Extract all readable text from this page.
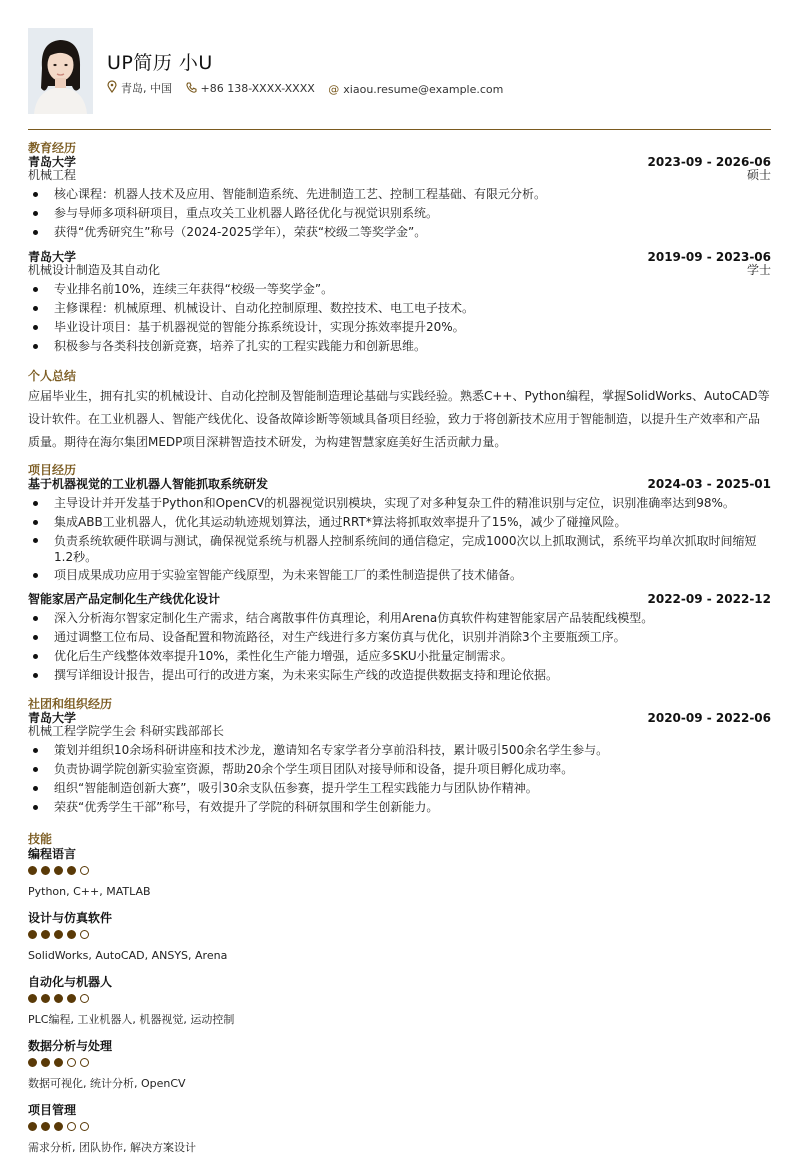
UP简历 小U
青岛, 中国
	+86 138-XXXX-XXXX
@ xiaou.resume@example.com
教育经历
青岛大学	2023-09 - 2026-06
机械工程	硕士
核心课程：机器人技术及应用、智能制造系统、先进制造工艺、控制工程基础、有限元分析。
参与导师多项科研项目，重点攻关工业机器人路径优化与视觉识别系统。
获得“优秀研究生”称号（2024-2025学年），荣获“校级二等奖学金”。
青岛大学	2019-09 - 2023-06
机械设计制造及其自动化	学士
专业排名前10%，连续三年获得“校级一等奖学金”。
主修课程：机械原理、机械设计、自动化控制原理、数控技术、电工电子技术。
毕业设计项目：基于机器视觉的智能分拣系统设计，实现分拣效率提升20%。
积极参与各类科技创新竞赛，培养了扎实的工程实践能力和创新思维。
个人总结
应届毕业生，拥有扎实的机械设计、自动化控制及智能制造理论基础与实践经验。熟悉C++、Python编程，掌握SolidWorks、AutoCAD等设计软件。在工业机器人、智能产线优化、设备故障诊断等领域具备项目经验，致力于将创新技术应用于智能制造，以提升生产效率和产品质量。期待在海尔集团MEDP项目深耕智造技术研发，为构建智慧家庭美好生活贡献力量。
项目经历
基于机器视觉的工业机器人智能抓取系统研发	2024-03 - 2025-01
主导设计并开发基于Python和OpenCV的机器视觉识别模块，实现了对多种复杂工件的精准识别与定位，识别准确率达到98%。
集成ABB工业机器人，优化其运动轨迹规划算法，通过RRT*算法将抓取效率提升了15%，减少了碰撞风险。
负责系统软硬件联调与测试，确保视觉系统与机器人控制系统间的通信稳定，完成1000次以上抓取测试，系统平均单次抓取时间缩短1.2秒。
项目成果成功应用于实验室智能产线原型，为未来智能工厂的柔性制造提供了技术储备。
智能家居产品定制化生产线优化设计	2022-09 - 2022-12
深入分析海尔智家定制化生产需求，结合离散事件仿真理论，利用Arena仿真软件构建智能家居产品装配线模型。
通过调整工位布局、设备配置和物流路径，对生产线进行多方案仿真与优化，识别并消除3个主要瓶颈工序。
优化后生产线整体效率提升10%，柔性化生产能力增强，适应多SKU小批量定制需求。
撰写详细设计报告，提出可行的改进方案，为未来实际生产线的改造提供数据支持和理论依据。
社团和组织经历
青岛大学	2020-09 - 2022-06
机械工程学院学生会 科研实践部部长
策划并组织10余场科研讲座和技术沙龙，邀请知名专家学者分享前沿科技，累计吸引500余名学生参与。
负责协调学院创新实验室资源，帮助20余个学生项目团队对接导师和设备，提升项目孵化成功率。
组织“智能制造创新大赛”，吸引30余支队伍参赛，提升学生工程实践能力与团队协作精神。
荣获“优秀学生干部”称号，有效提升了学院的科研氛围和学生创新能力。
技能
编程语言
Python, C++, MATLAB
设计与仿真软件
SolidWorks, AutoCAD, ANSYS, Arena
自动化与机器人
PLC编程, 工业机器人, 机器视觉, 运动控制
数据分析与处理
数据可视化, 统计分析, OpenCV
项目管理
需求分析, 团队协作, 解决方案设计
